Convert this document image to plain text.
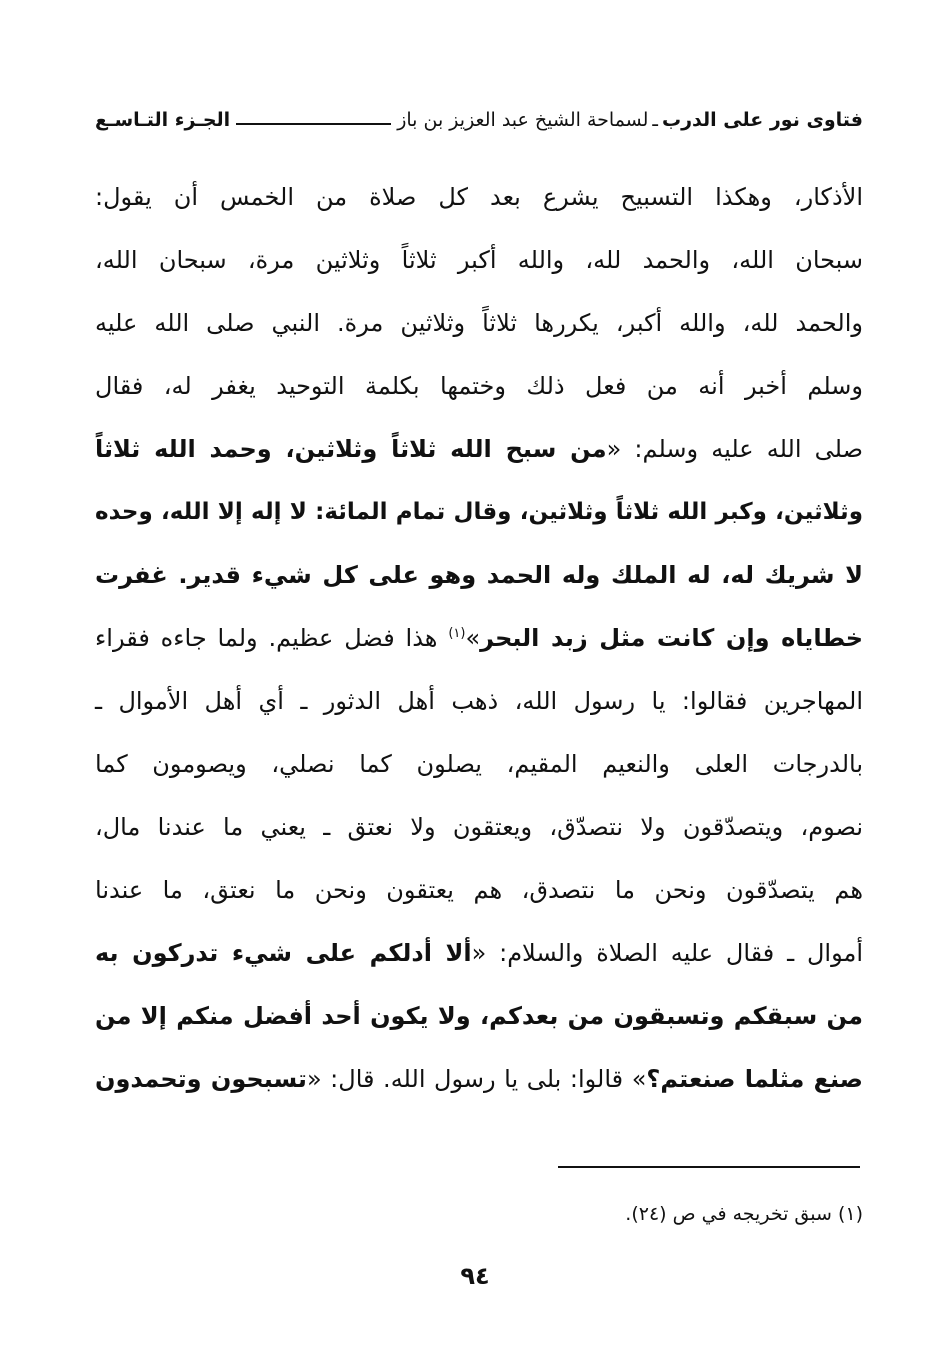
فتاوى نور على الدرب
ـ
لسماحة الشيخ عبد العزيز بن باز
الجـزء التـاسـع
الأذكار، وهكذا التسبيح يشرع بعد كل صلاة من الخمس أن يقول:
سبحان الله، والحمد لله، والله أكبر ثلاثاً وثلاثين مرة، سبحان الله،
والحمد لله، والله أكبر، يكررها ثلاثاً وثلاثين مرة. النبي صلى الله عليه
وسلم أخبر أنه من فعل ذلك وختمها بكلمة التوحيد يغفر له، فقال
صلى الله عليه وسلم: «من سبح الله ثلاثاً وثلاثين، وحمد الله ثلاثاً
وثلاثين، وكبر الله ثلاثاً وثلاثين، وقال تمام المائة: لا إله إلا الله، وحده
لا شريك له، له الملك وله الحمد وهو على كل شيء قدير. غفرت
خطاياه وإن كانت مثل زبد البحر»$^{(١)}$ هذا فضل عظيم. ولما جاءه فقراء
المهاجرين فقالوا: يا رسول الله، ذهب أهل الدثور ـ أي أهل الأموال ـ
بالدرجات العلى والنعيم المقيم، يصلون كما نصلي، ويصومون كما
نصوم، ويتصدّقون ولا نتصدّق، ويعتقون ولا نعتق ـ يعني ما عندنا مال،
هم يتصدّقون ونحن ما نتصدق، هم يعتقون ونحن ما نعتق، ما عندنا
أموال ـ فقال عليه الصلاة والسلام: «ألا أدلكم على شيء تدركون به
من سبقكم وتسبقون من بعدكم، ولا يكون أحد أفضل منكم إلا من
صنع مثلما صنعتم؟» قالوا: بلى يا رسول الله. قال: «تسبحون وتحمدون
(١) سبق تخريجه في ص (٢٤).
٩٤
